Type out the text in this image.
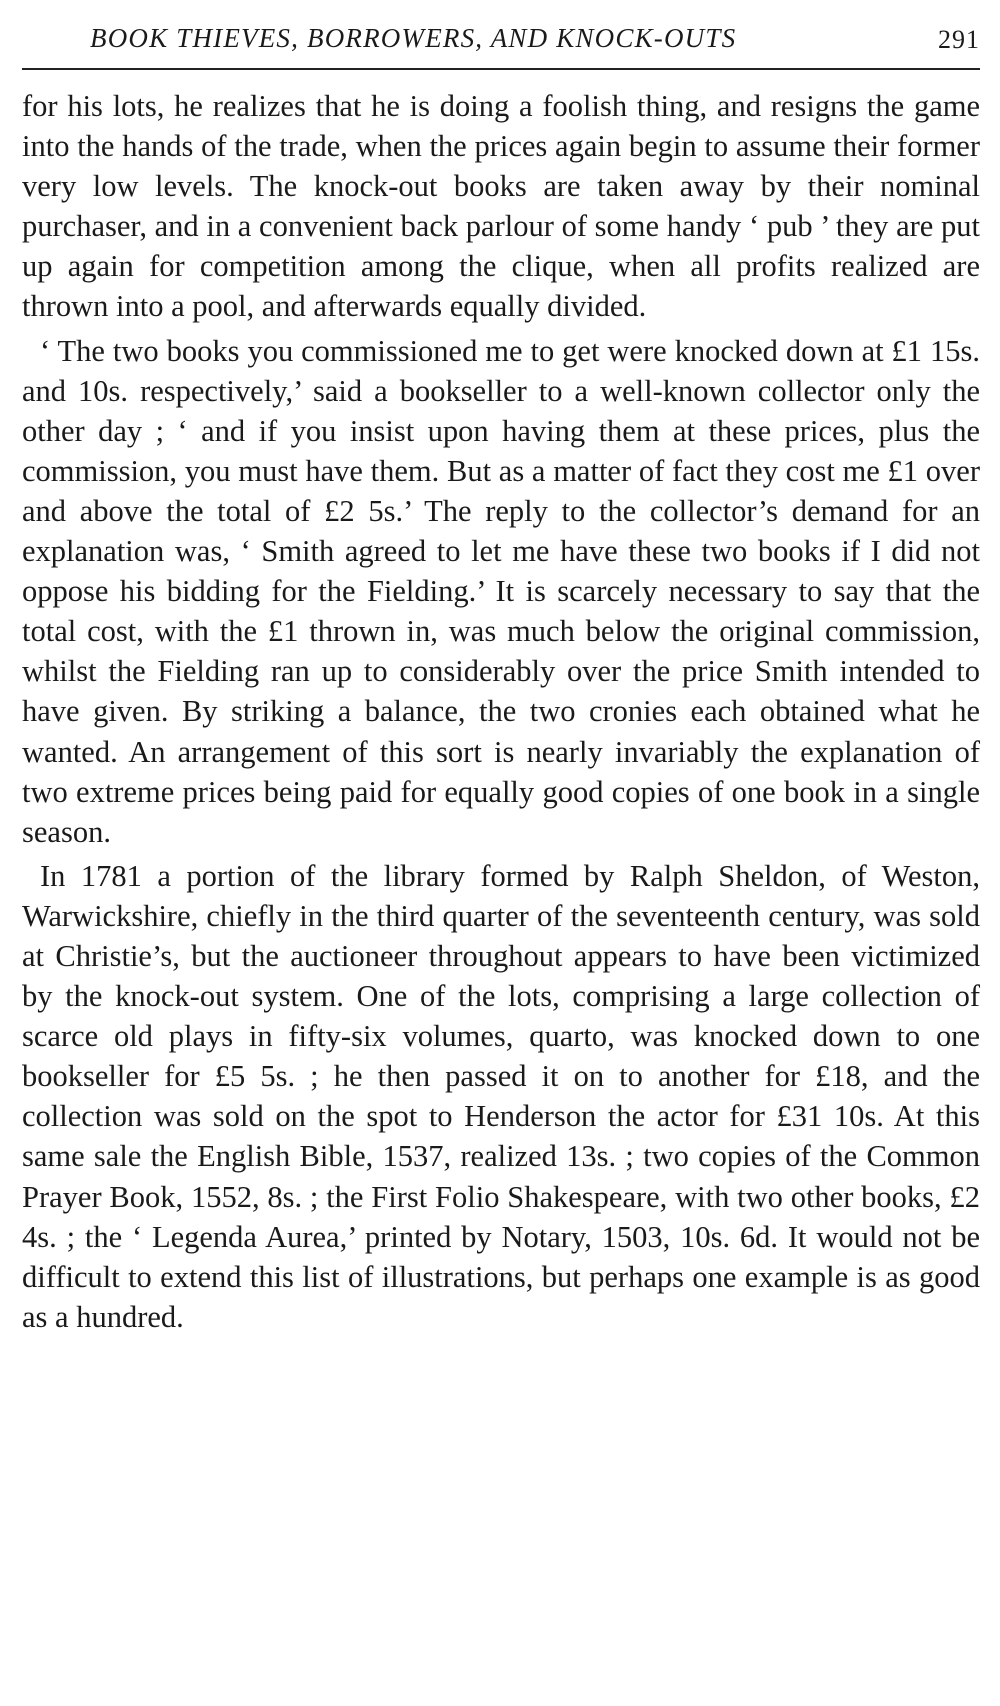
BOOK THIEVES, BORROWERS, AND KNOCK-OUTS	291

for his lots, he realizes that he is doing a foolish thing, and resigns the game into the hands of the trade, when the prices again begin to assume their former very low levels. The knock-out books are taken away by their nominal purchaser, and in a convenient back parlour of some handy ‘ pub ’ they are put up again for competition among the clique, when all profits realized are thrown into a pool, and afterwards equally divided.

‘ The two books you commissioned me to get were knocked down at £1 15s. and 10s. respectively,’ said a bookseller to a well-known collector only the other day ; ‘ and if you insist upon having them at these prices, plus the commission, you must have them. But as a matter of fact they cost me £1 over and above the total of £2 5s.’ The reply to the collector’s demand for an explanation was, ‘ Smith agreed to let me have these two books if I did not oppose his bidding for the Fielding.’ It is scarcely necessary to say that the total cost, with the £1 thrown in, was much below the original commission, whilst the Fielding ran up to considerably over the price Smith intended to have given. By striking a balance, the two cronies each obtained what he wanted. An arrangement of this sort is nearly invariably the explanation of two extreme prices being paid for equally good copies of one book in a single season.

In 1781 a portion of the library formed by Ralph Sheldon, of Weston, Warwickshire, chiefly in the third quarter of the seventeenth century, was sold at Christie’s, but the auctioneer throughout appears to have been victimized by the knock-out system. One of the lots, comprising a large collection of scarce old plays in fifty-six volumes, quarto, was knocked down to one bookseller for £5 5s. ; he then passed it on to another for £18, and the collection was sold on the spot to Henderson the actor for £31 10s. At this same sale the English Bible, 1537, realized 13s. ; two copies of the Common Prayer Book, 1552, 8s. ; the First Folio Shakespeare, with two other books, £2 4s. ; the ‘ Legenda Aurea,’ printed by Notary, 1503, 10s. 6d. It would not be difficult to extend this list of illustrations, but perhaps one example is as good as a hundred.
